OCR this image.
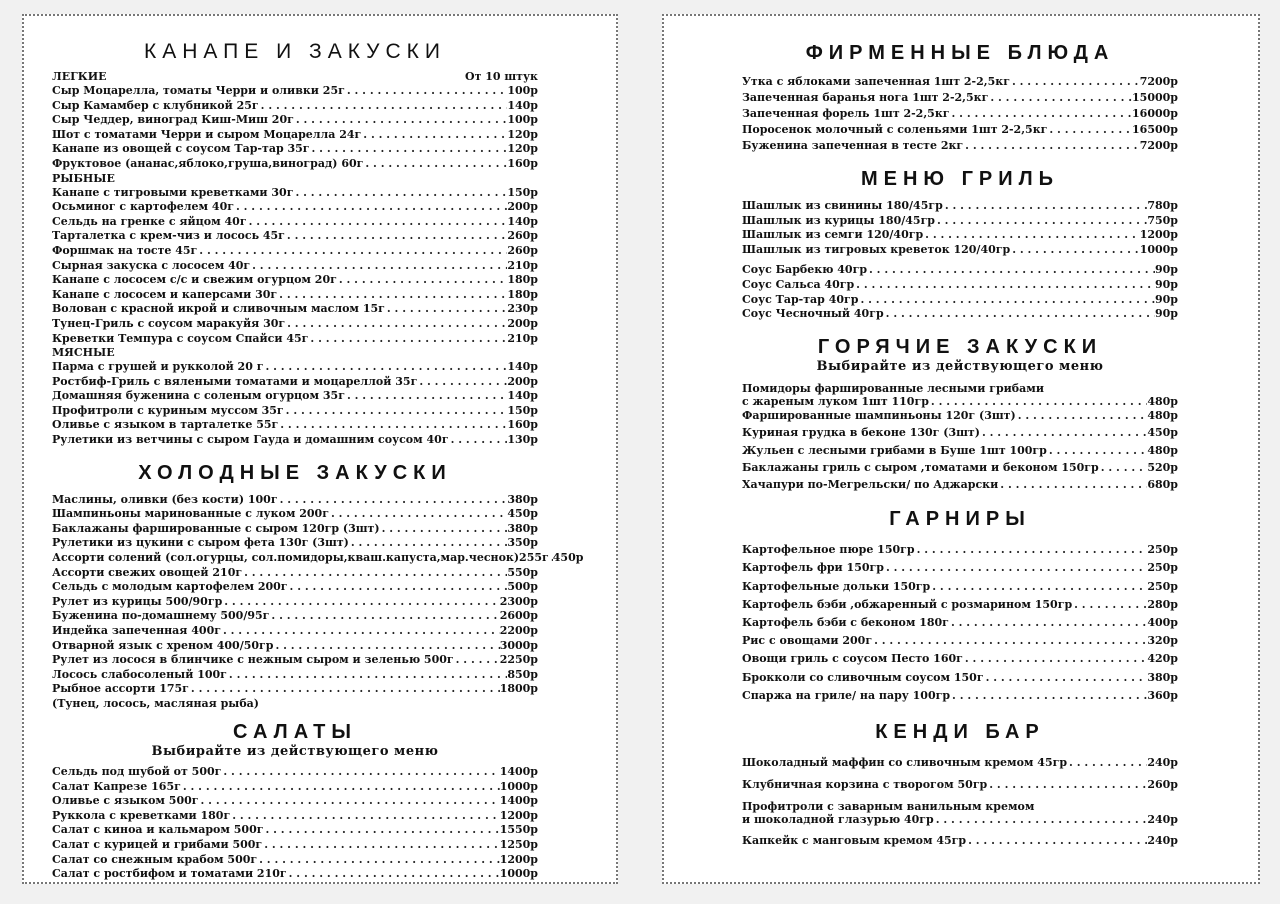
КАНАПЕ И ЗАКУСКИ
ЛЕГКИЕ	От 10 штук
Сыр Моцарелла, томаты Черри и оливки 25г . . .	100р
Сыр Камамбер с клубникой 25г . . .	140р
Сыр Чеддер, виноград Киш-Миш 20г . . .	100р
Шот с томатами Черри и сыром Моцарелла 24г . . .	120р
Канапе из овощей с соусом Тар-тар 35г . . .	120р
Фруктовое (ананас,яблоко,груша,виноград) 60г . . .	160р
РЫБНЫЕ
Канапе с тигровыми креветками 30г . . .	150р
Осьминог с картофелем 40г . . .	200р
Сельдь на гренке с яйцом 40г . . .	140р
Тарталетка с крем-чиз и лосось 45г . . .	260р
Форшмак на тосте 45г . . .	260р
Сырная закуска с лососем 40г . . .	210р
Канапе с лососем с/с и свежим огурцом 20г . . .	180р
Канапе с лососем и каперсами 30г . . .	180р
Волован с красной икрой и сливочным маслом 15г . . .	230р
Тунец-Гриль с соусом маракуйя 30г . . .	200р
Креветки Темпура с соусом Спайси 45г . . .	210р
МЯСНЫЕ
Парма с грушей и рукколой 20 г . . .	140р
Ростбиф-Гриль с вялеными томатами и моцареллой 35г . . .	200р
Домашняя буженина с соленым огурцом 35г . . .	140р
Профитроли с куриным муссом 35г . . .	150р
Оливье с языком в тарталетке 55г . . .	160р
Рулетики из ветчины с сыром Гауда и домашним соусом 40г . . .	130р
ХОЛОДНЫЕ ЗАКУСКИ
Маслины, оливки (без кости) 100г . . .	380р
Шампиньоны маринованные с луком 200г . . .	450р
Баклажаны фаршированные с сыром 120гр (3шт) . . .	380р
Рулетики из цукини с сыром фета 130г (3шт) . . .	350р
Ассорти солений (сол.огурцы, сол.помидоры,кваш.капуста,мар.чеснок)255г . . . 450р
Ассорти свежих овощей 210г . . .	550р
Сельдь с молодым картофелем 200г . . .	500р
Рулет из курицы 500/90гр . . .	2300р
Буженина по-домашнему 500/95г . . .	2600р
Индейка запеченная 400г . . .	2200р
Отварной язык с хреном 400/50гр . . .	3000р
Рулет из лосося в блинчике с нежным сыром и зеленью 500г . . .	2250р
Лосось слабосоленый 100г . . .	850р
Рыбное ассорти 175г . . .	1800р
(Тунец, лосось, масляная рыба)
САЛАТЫ

Выбирайте из действующего меню

Сельдь под шубой от 500г . . .	1400р
Салат Капрезе 165г . . .	1000р
Оливье с языком 500г . . .	1400р
Руккола с креветками 180г . . .	1200р
Салат с киноа и кальмаром 500г . . .	1550р
Салат с курицей и грибами 500г . . .	1250р
Салат со снежным крабом 500г . . .	1200р
Салат с ростбифом и томатами 210г . . .	1000р
ФИРМЕННЫЕ БЛЮДА
Утка с яблоками запеченная 1шт 2-2,5кг . . .	7200р
Запеченная баранья нога 1шт 2-2,5кг . . .	15000р
Запеченная форель 1шт 2-2,5кг . . .	16000р
Поросенок молочный с соленьями 1шт 2-2,5кг . . .	16500р
Буженина запеченная в тесте 2кг . . .	7200р
МЕНЮ ГРИЛЬ
Шашлык из свинины 180/45гр . . .	780р
Шашлык из курицы 180/45гр . . .	750р
Шашлык из семги 120/40гр . . .	1200р
Шашлык из тигровых креветок 120/40гр . . .	1000р
Соус Барбекю 40гр . . .	90р
Соус Сальса 40гр . . .	90р
Соус Тар-тар 40гр . . .	90р
Соус Чесночный 40гр . . .	90р
ГОРЯЧИЕ ЗАКУСКИ

Выбирайте из действующего меню

Помидоры фаршированные лесными грибами
с жареным луком 1шт 110гр . . .	480р
Фаршированные шампиньоны 120г (3шт) . . .	480р
Куриная грудка в беконе 130г (3шт) . . .	450р
Жульен с лесными грибами в Буше 1шт 100гр . . .	480р
Баклажаны гриль с сыром ,томатами и беконом 150гр . . .	520р
Хачапури по-Мегрельски/ по Аджарски . . .	680р
ГАРНИРЫ
Картофельное пюре 150гр . . .	250р
Картофель фри 150гр . . .	250р
Картофельные дольки 150гр . . .	250р
Картофель бэби ,обжаренный с розмарином 150гр . . .	280р
Картофель бэби с беконом 180г . . .	400р
Рис с овощами 200г . . .	320р
Овощи гриль с соусом Песто 160г . . .	420р
Брокколи со сливочным соусом 150г . . .	380р
Спаржа на гриле/ на пару 100гр . . .	360р
КЕНДИ БАР
Шоколадный маффин со сливочным кремом 45гр . . .	240р
Клубничная корзина с творогом 50гр . . .	260р
Профитроли с заварным ванильным кремом
и шоколадной глазурью 40гр . . .	240р
Капкейк с манговым кремом 45гр . . .	240р
